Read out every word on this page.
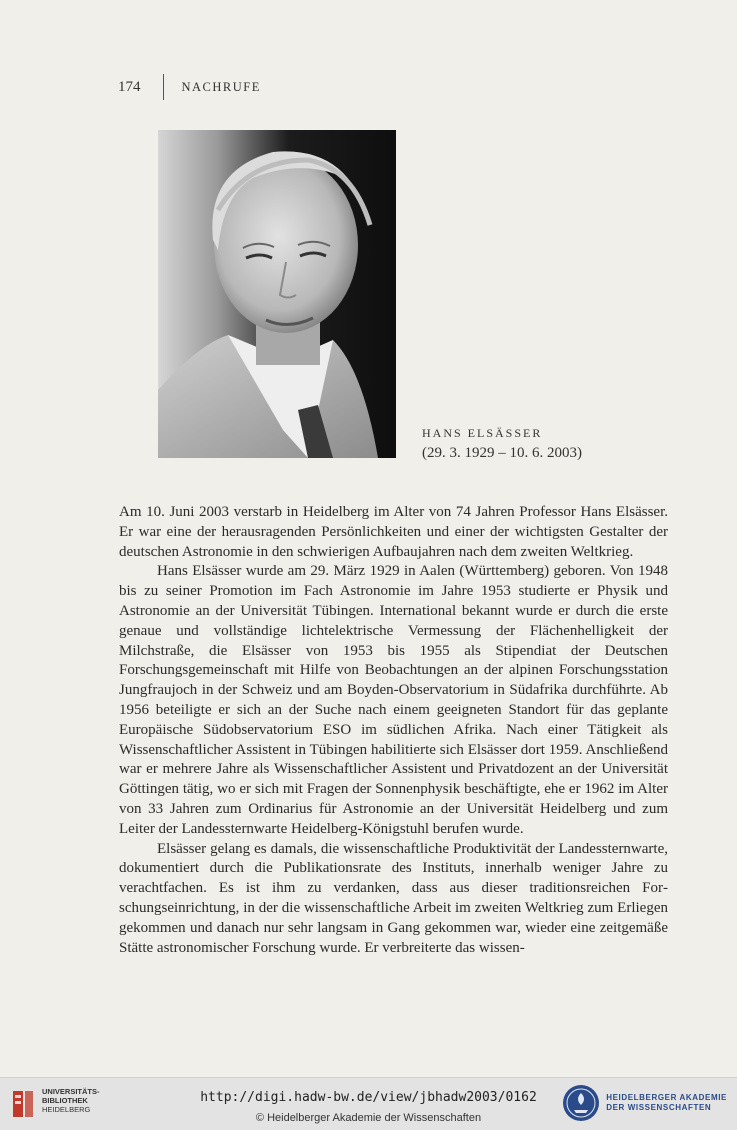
174	NACHRUFE
HANS ELSÄSSER
(29. 3. 1929 – 10. 6. 2003)

Am 10. Juni 2003 verstarb in Heidelberg im Alter von 74 Jahren Professor Hans Elsässer. Er war eine der herausragenden Persönlichkeiten und einer der wichtigsten Gestalter der deutschen Astronomie in den schwierigen Aufbaujahren nach dem zweiten Weltkrieg.

Hans Elsässer wurde am 29. März 1929 in Aalen (Württemberg) geboren. Von 1948 bis zu seiner Promotion im Fach Astronomie im Jahre 1953 studierte er Physik und Astronomie an der Universität Tübingen. International bekannt wurde er durch die erste genaue und vollständige lichtelektrische Vermessung der Flächenhelligkeit der Milchstraße, die Elsässer von 1953 bis 1955 als Stipendiat der Deutschen Forschungsgemeinschaft mit Hilfe von Beobachtungen an der alpinen Forschungsstation Jungfraujoch in der Schweiz und am Boyden-Observatorium in Südafrika durchführte. Ab 1956 beteiligte er sich an der Suche nach einem geeigneten Standort für das geplante Europäische Südobservatorium ESO im südlichen Afrika. Nach einer Tätigkeit als Wissenschaftlicher Assistent in Tübingen habilitierte sich Elsässer dort 1959. Anschließend war er mehrere Jahre als Wissenschaftlicher Assistent und Privatdozent an der Universität Göttingen tätig, wo er sich mit Fragen der Sonnenphysik beschäftigte, ehe er 1962 im Alter von 33 Jahren zum Ordinarius für Astronomie an der Universität Heidelberg und zum Leiter der Landessternwarte Heidelberg-Königstuhl berufen wurde.

Elsässer gelang es damals, die wissenschaftliche Produktivität der Landessternwarte, dokumentiert durch die Publikationsrate des Instituts, innerhalb weniger Jahre zu verachtfachen. Es ist ihm zu verdanken, dass aus dieser traditionsreichen Forschungseinrichtung, in der die wissenschaftliche Arbeit im zweiten Weltkrieg zum Erliegen gekommen und danach nur sehr langsam in Gang gekommen war, wieder eine zeitgemäße Stätte astronomischer Forschung wurde. Er verbreiterte das wissen-

UNIVERSITÄTS-
BIBLIOTHEK
HEIDELBERG
http://digi.hadw-bw.de/view/jbhadw2003/0162
© Heidelberger Akademie der Wissenschaften
HEIDELBERGER AKADEMIE
DER WISSENSCHAFTEN
